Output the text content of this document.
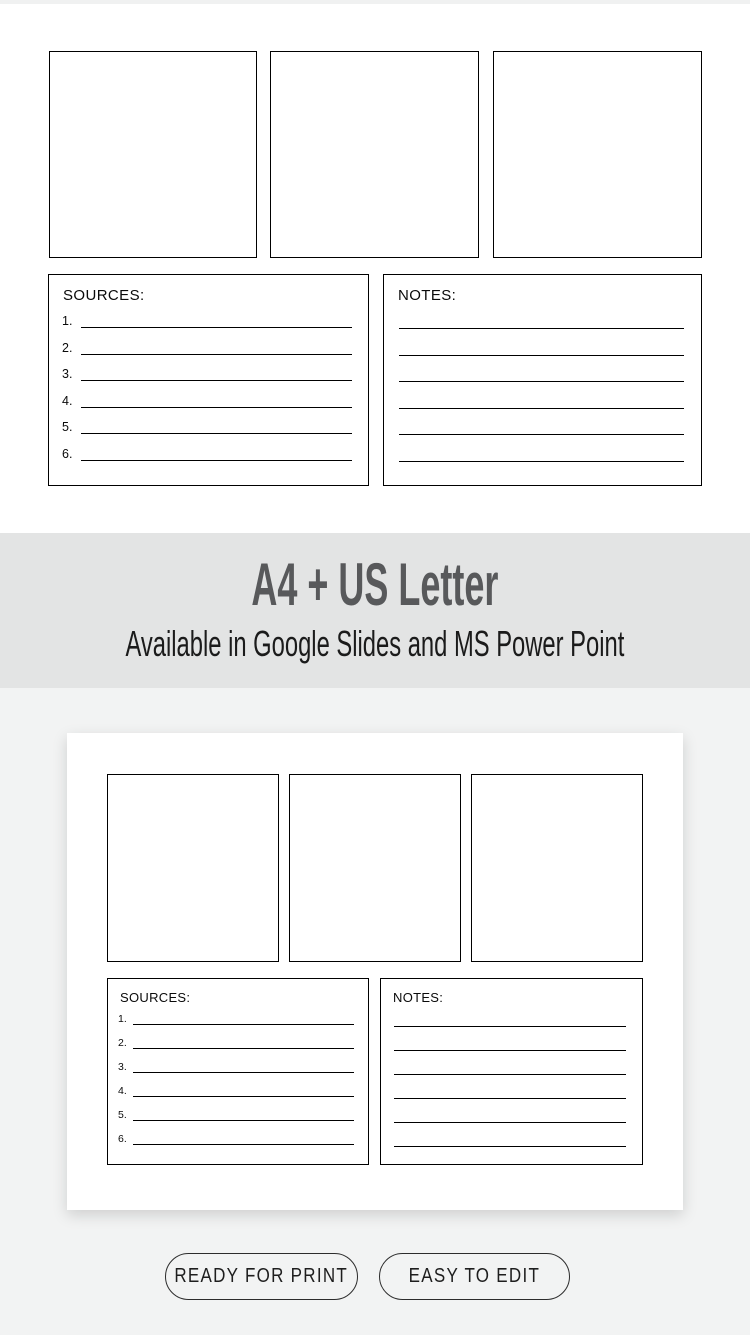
SOURCES:
1.
2.
3.
4.
5.
6.
NOTES:
A4 + US Letter
Available in Google Slides and MS Power Point
SOURCES:
1.
2.
3.
4.
5.
6.
NOTES:
READY FOR PRINT	EASY TO EDIT
